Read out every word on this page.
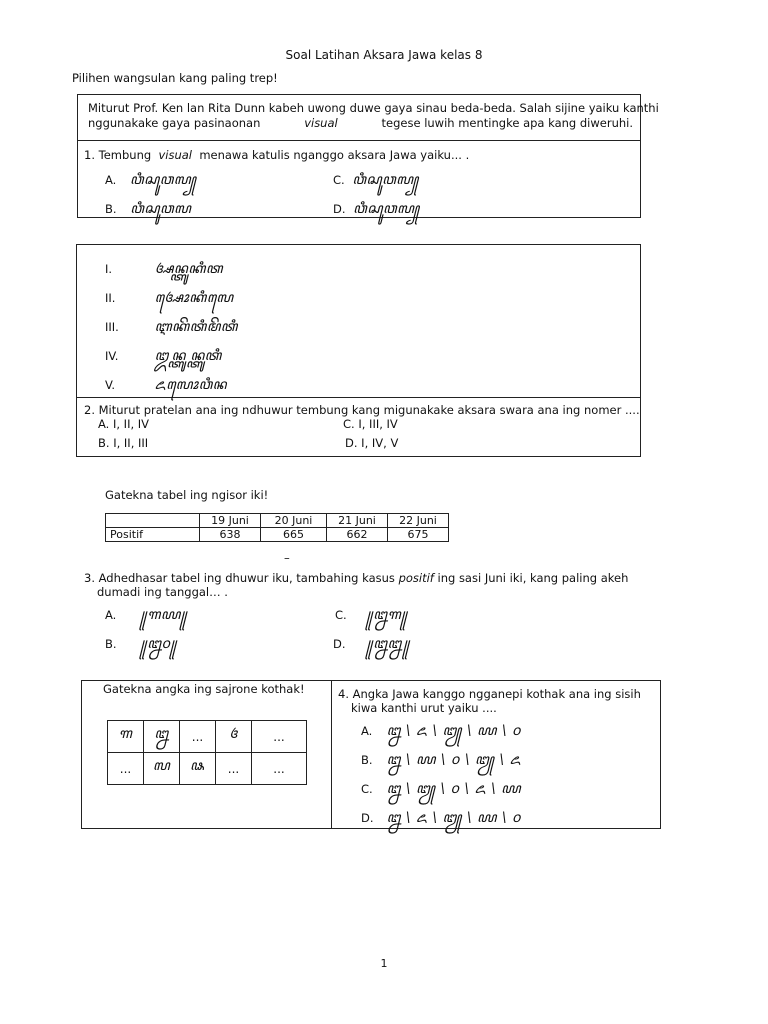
Soal Latihan Aksara Jawa kelas 8
Pilihen wangsulan kang paling trep!
Miturut Prof. Ken lan Rita Dunn kabeh uwong duwe gaya sinau beda-beda. Salah sijine yaiku kanthi
nggunakake gaya pasinaonan	visual	tegese luwih mentingke apa kang diweruhi.
1. Tembung visual menawa katulis nganggo aksara Jawa yaiku... .
A. ꦮꦶꦱꦸꦮꦭ꧀
B. ꦮꦶꦱꦸꦮꦭ
C. ꦮꦶꦱꦸꦮꦭ꧀
D. ꦮꦶꦱꦸꦮꦭ꧀
I.	ꦄꦤ꧀ꦠꦸꦏꦶꦠ
II.	ꦄꦺꦴꦏꦶꦭꦺ
III.	ꦆꦏꦼꦠꦶꦩꦼꦠꦶ
IV.	ꦈꦤ꧀ꦠꦸꦤ꧀ꦠꦸꦠꦶ
V.	ꦌꦭꦺꦴꦮꦶꦤ
2. Miturut pratelan ana ing ndhuwur tembung kang migunakake aksara swara ana ing nomer ....
A. I, II, IV
B. I, II, III
C. I, III, IV
D. I, IV, V
Gatekna tabel ing ngisor iki!
	19 Juni	20 Juni	21 Juni	22 Juni
Positif	638	665	662	675
–
3. Adhedhasar tabel ing dhuwur iku, tambahing kasus positif ing sasi Juni iki, kang paling akeh
dumadi ing tanggal… .
A. ꧋꧑꧙꧋
B. ꧋꧒꧐꧋
C. ꧋꧒꧑꧋
D. ꧋꧒꧒꧋
Gatekna angka ing sajrone kothak!
꧑	꧒	...	꧔	...
...	꧗	꧘	...	...
4. Angka Jawa kanggo ngganepi kothak ana ing sisih
kiwa kanthi urut yaiku ....
A. ꧒ \ ꧖ \ ꧓ \ ꧙ \ ꧐
B. ꧒ \ ꧙ \ ꧐ \ ꧓ \ ꧖
C. ꧒ \ ꧓ \ ꧐ \ ꧖ \ ꧙
D. ꧒ \ ꧖ \ ꧓ \ ꧙ \ ꧐
1
